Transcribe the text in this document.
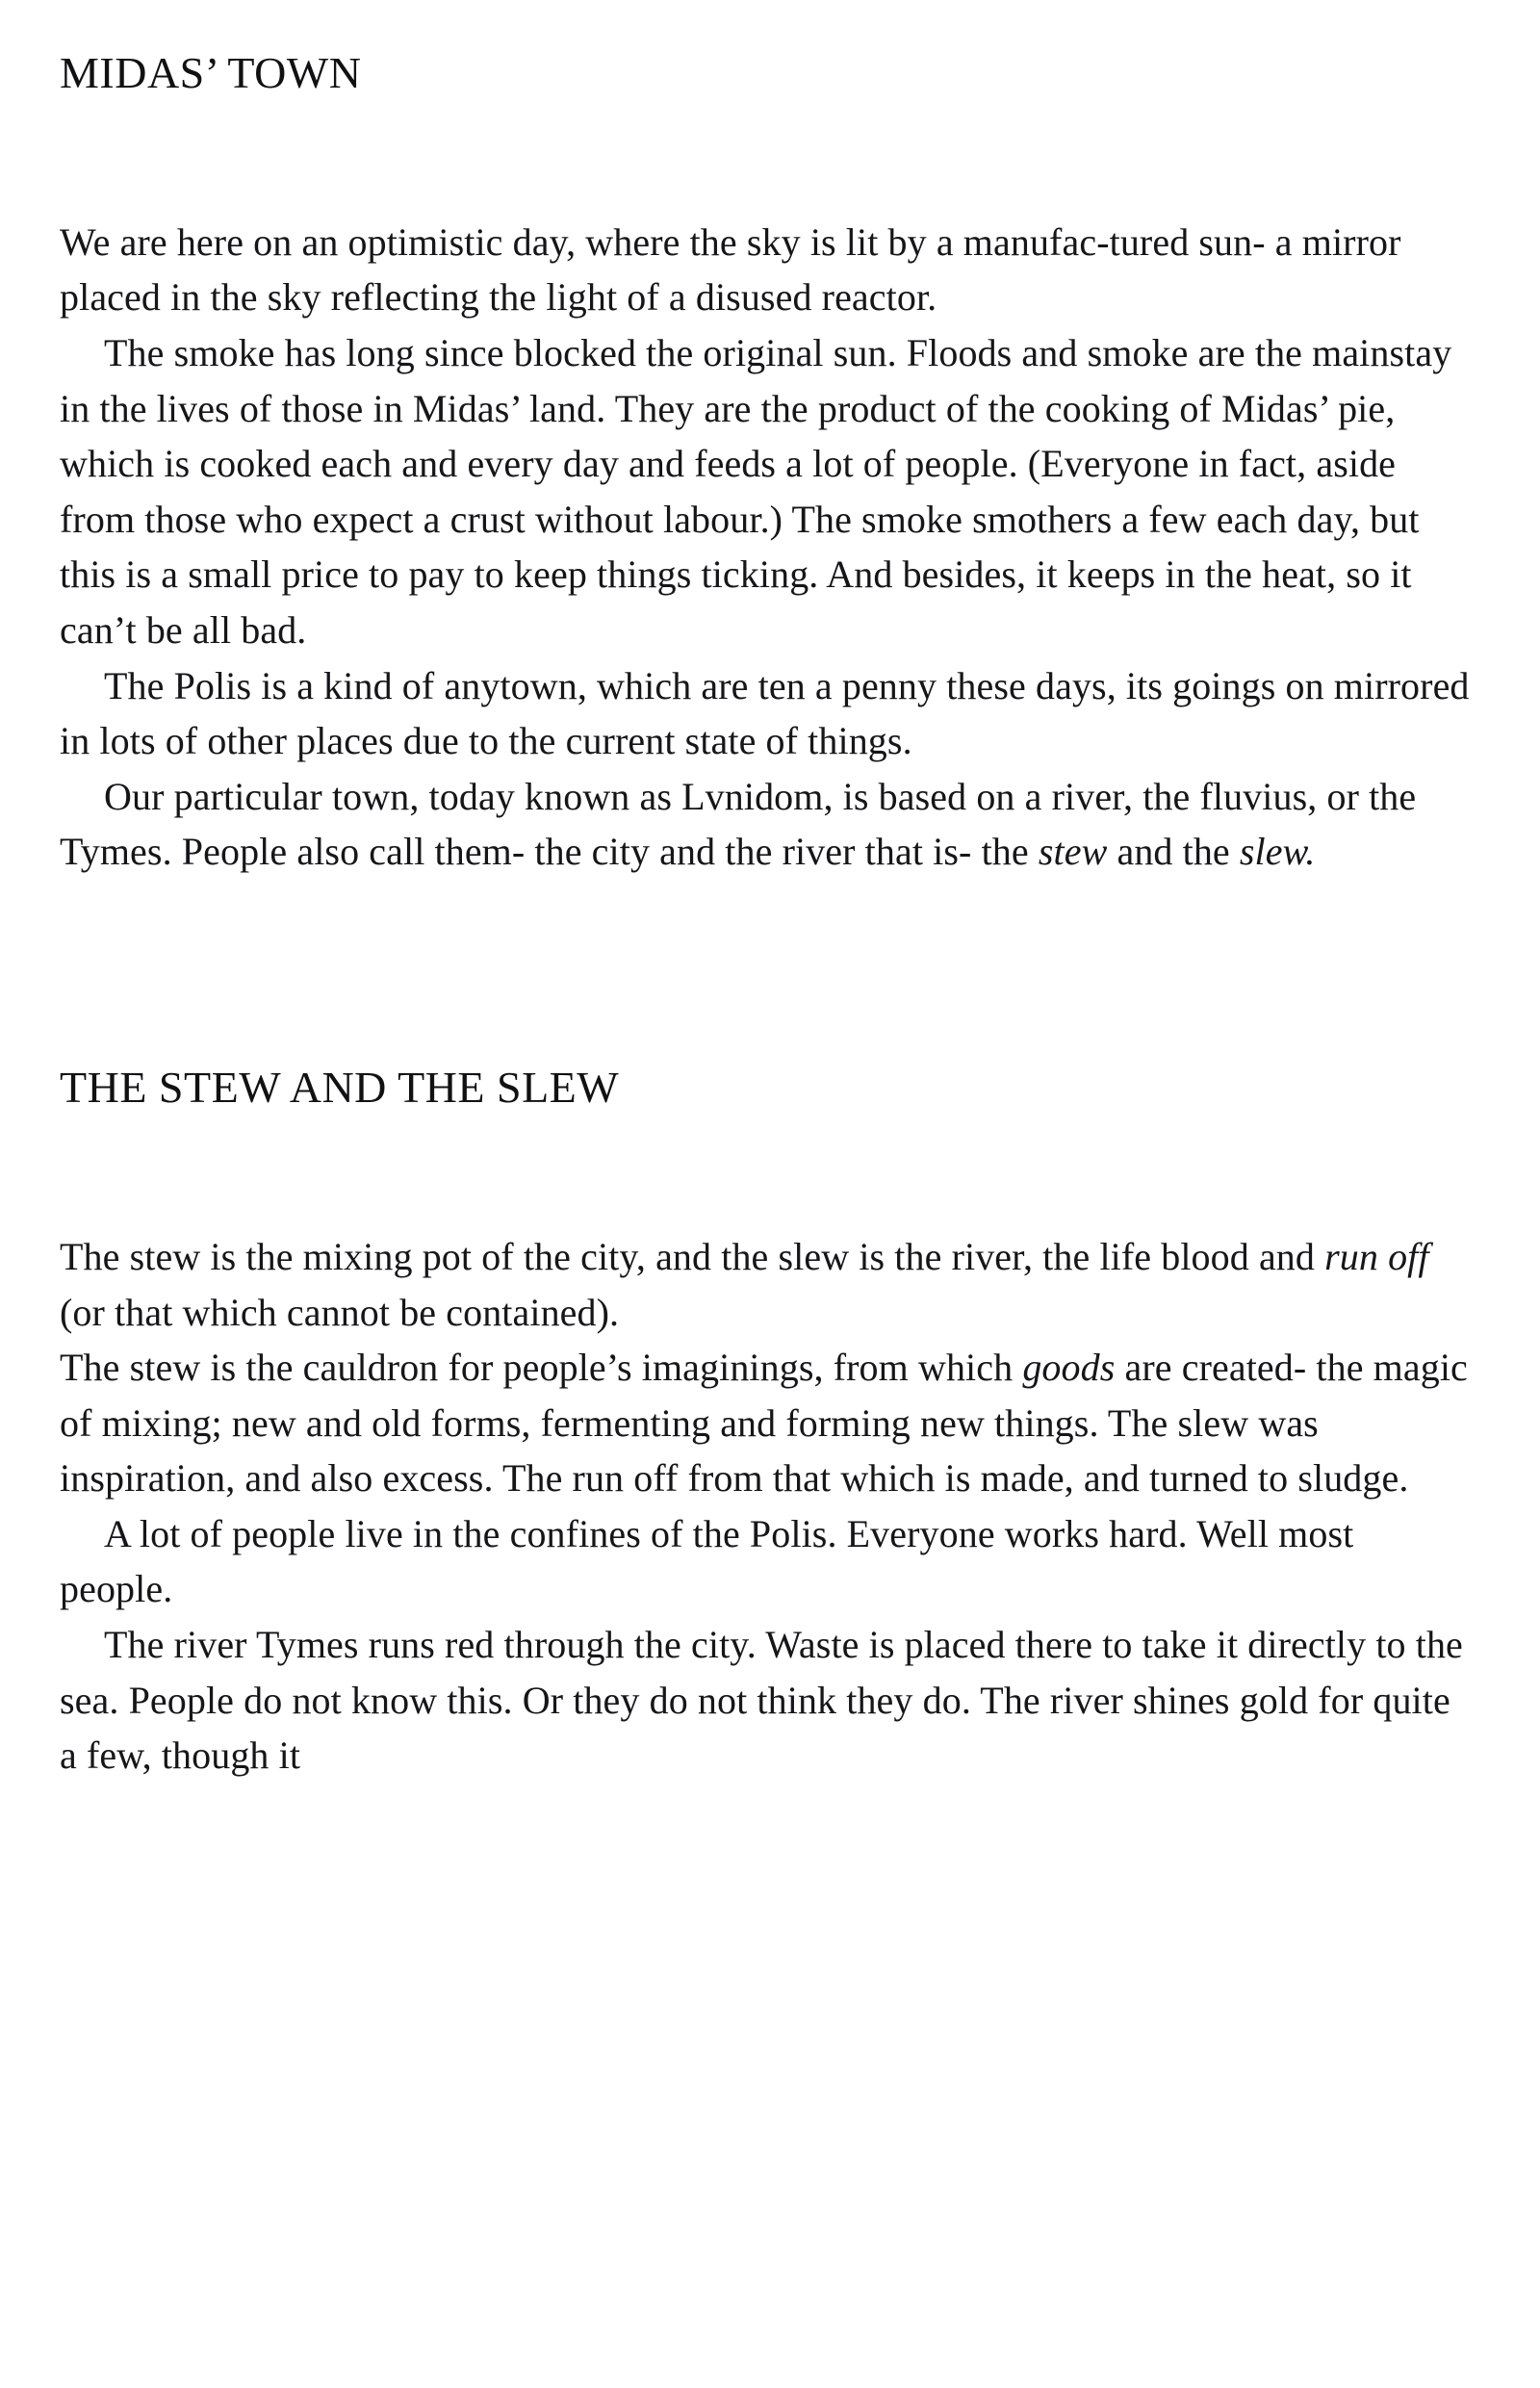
MIDAS’ TOWN

We are here on an optimistic day, where the sky is lit by a manufac-tured sun- a mirror placed in the sky reflecting the light of a disused reactor.

The smoke has long since blocked the original sun. Floods and smoke are the mainstay in the lives of those in Midas’ land. They are the product of the cooking of Midas’ pie, which is cooked each and every day and feeds a lot of people. (Everyone in fact, aside from those who expect a crust without labour.) The smoke smothers a few each day, but this is a small price to pay to keep things ticking. And besides, it keeps in the heat, so it can’t be all bad.

The Polis is a kind of anytown, which are ten a penny these days, its goings on mirrored in lots of other places due to the current state of things.

Our particular town, today known as Lvnidom, is based on a river, the fluvius, or the Tymes. People also call them- the city and the river that is- the stew and the slew.

THE STEW AND THE SLEW

The stew is the mixing pot of the city, and the slew is the river, the life blood and run off (or that which cannot be contained).

The stew is the cauldron for people’s imaginings, from which goods are created- the magic of mixing; new and old forms, fermenting and forming new things. The slew was inspiration, and also excess. The run off from that which is made, and turned to sludge.

A lot of people live in the confines of the Polis. Everyone works hard. Well most people.

The river Tymes runs red through the city. Waste is placed there to take it directly to the sea. People do not know this. Or they do not think they do. The river shines gold for quite a few, though it
